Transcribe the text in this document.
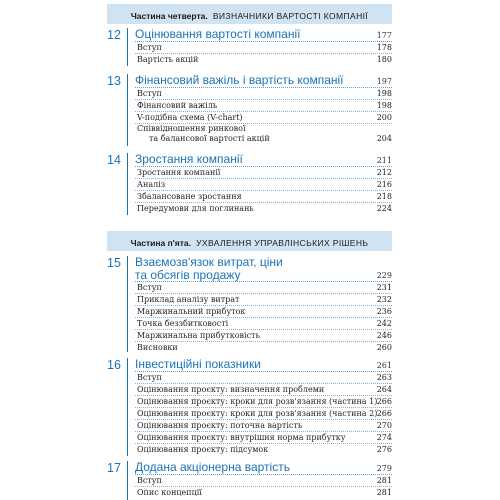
Частина четверта. ВИЗНАЧНИКИ ВАРТОСТІ КОМПАНІЇ
12 Оцінювання вартості компанії	177
Вступ	178
Вартість акцій	180
13 Фінансовий важіль і вартість компанії	197
Вступ	198
Фінансовий важіль	198
V-подібна схема (V-chart)	200
Співвідношення ринкової
та балансової вартості акцій	204
14 Зростання компанії	211
Зростання компанії	212
Аналіз	216
Збалансоване зростання	218
Передумови для поглинань	224
Частина п'ята. УХВАЛЕННЯ УПРАВЛІНСЬКИХ РІШЕНЬ
15 Взаємозв'язок витрат, ціни
та обсягів продажу	229
Вступ	231
Приклад аналізу витрат	232
Маржинальний прибуток	236
Точка беззбитковості	242
Маржинальна прибутковість	246
Висновки	260
16 Інвестиційні показники	261
Вступ	263
Оцінювання проєкту: визначення проблеми	264
Оцінювання проєкту: кроки для розв'язання (частина 1) 266
Оцінювання проєкту: кроки для розв'язання (частина 2) 266
Оцінювання проєкту: поточна вартість	270
Оцінювання проєкту: внутрішня норма прибутку	274
Оцінювання проєкту: підсумок	276
17 Додана акціонерна вартість	279
Вступ	281
Опис концепції	281
